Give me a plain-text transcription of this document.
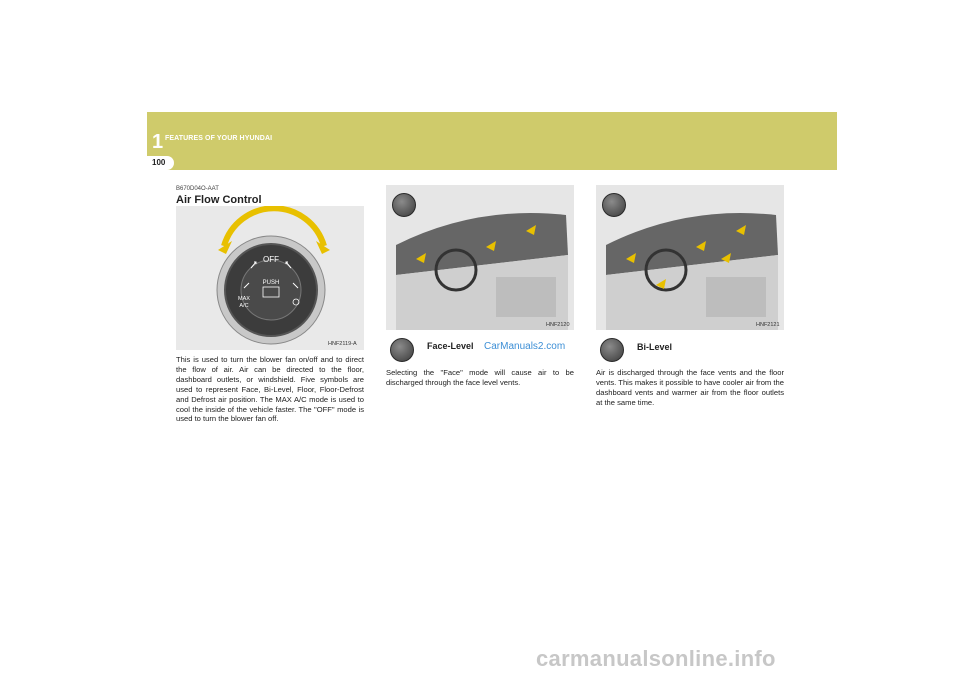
1 FEATURES OF YOUR HYUNDAI
100
B670D04O-AAT
Air Flow Control
OFF
PUSH
MAX
A/C
HNF2119-A
This is used to turn the blower fan on/off and to direct the flow of air. Air can be directed to the floor, dashboard outlets, or windshield. Five symbols are used to represent Face, Bi-Level, Floor, Floor-Defrost and Defrost air position. The MAX A/C mode is used to cool the inside of the vehicle faster. The "OFF" mode is used to turn the blower fan off.
HNF2120
Face-Level CarManuals2.com
Selecting the "Face" mode will cause air to be discharged through the face level vents.
HNF2121
Bi-Level
Air is discharged through the face vents and the floor vents. This makes it possible to have cooler air from the dashboard vents and warmer air from the floor outlets at the same time.
carmanualsonline.info
